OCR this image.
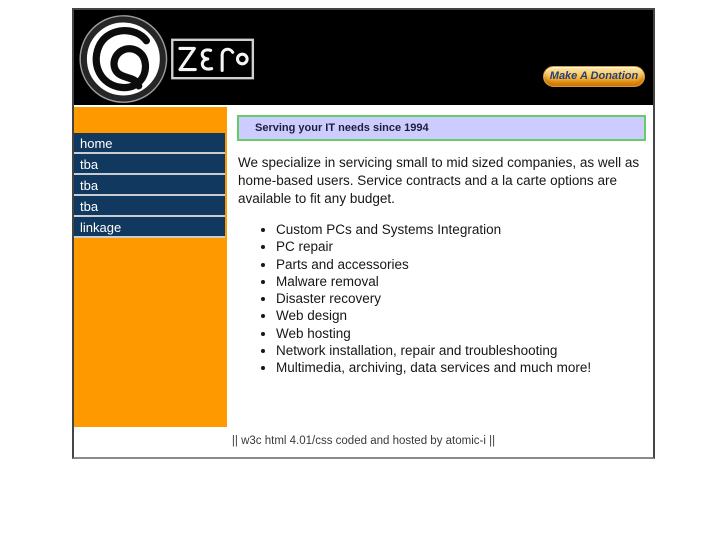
Make A Donation
home
tba
tba
tba
linkage
Serving your IT needs since 1994

We specialize in servicing small to mid sized companies, as well as home-based users. Service contracts and a la carte options are available to fit any budget.

• Custom PCs and Systems Integration
• PC repair
• Parts and accessories
• Malware removal
• Disaster recovery
• Web design
• Web hosting
• Network installation, repair and troubleshooting
• Multimedia, archiving, data services and much more!
|| w3c html 4.01/css coded and hosted by atomic-i ||
